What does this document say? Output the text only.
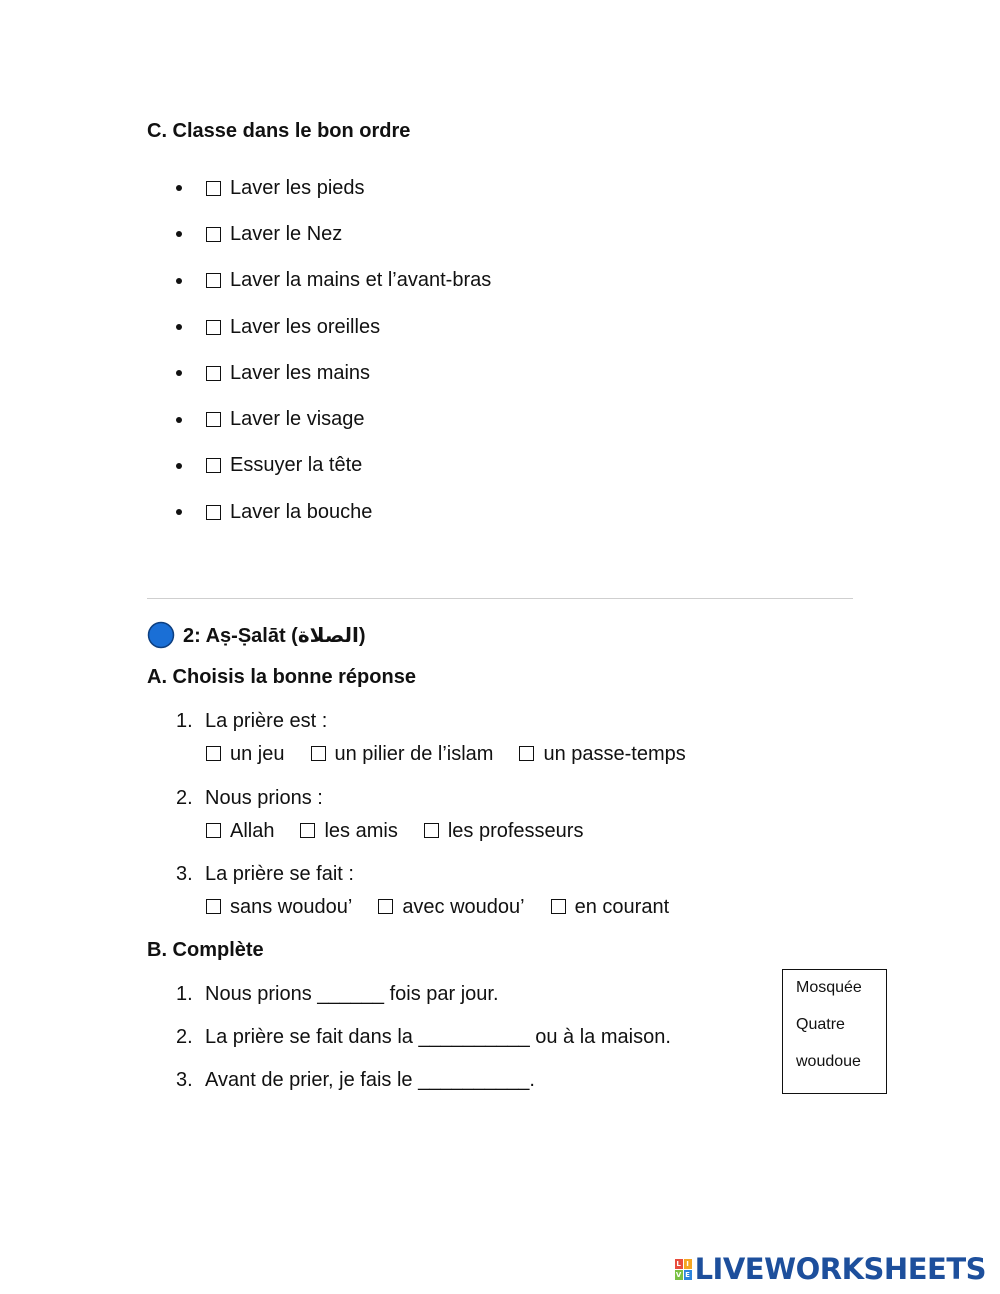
C. Classe dans le bon ordre
Laver les pieds
Laver le Nez
Laver la mains et l’avant-bras
Laver les oreilles
Laver les mains
Laver le visage
Essuyer la tête
Laver la bouche
2: Aṣ-Ṣalāt (الصلاة)
A. Choisis la bonne réponse
1. La prière est :
un jeu	un pilier de l’islam	un passe-temps
2. Nous prions :
Allah	les amis	les professeurs
3. La prière se fait :
sans woudou’	avec woudou’	en courant
B. Complète
1. Nous prions ______ fois par jour.
2. La prière se fait dans la __________ ou à la maison.
3. Avant de prier, je fais le __________.
Mosquée
Quatre
woudoue
L I
V E LIVEWORKSHEETS
